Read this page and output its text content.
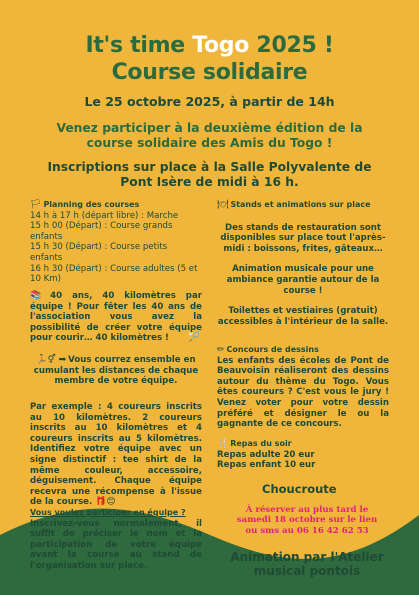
It's time Togo 2025 !
Course solidaire
Le 25 octobre 2025, à partir de 14h
Venez participer à la deuxième édition de la
course solidaire des Amis du Togo !
Inscriptions sur place à la Salle Polyvalente de
Pont Isère de midi à 16 h.
🏳 Planning des courses
14 h à 17 h (départ libre) : Marche
15 h 00 (Départ) : Course grands enfants
15 h 30 (Départ) : Course petits enfants
16 h 30 (Départ) : Course adultes (5 et 10 Km)
📚 40 ans, 40 kilomètres par équipe ! Pour fêter les 40 ans de l'association vous avez la possibilité de créer votre équipe pour courir… 40 kilomètres ! 🏸
🏃⚥ ➡ Vous courrez ensemble en cumulant les distances de chaque membre de votre équipe.
Par exemple : 4 coureurs inscrits au 10 kilomètres. 2 coureurs inscrits au 10 kilomètres et 4 coureurs inscrits au 5 kilomètres. Identifiez votre équipe avec un signe distinctif : tee shirt de la même couleur, accessoire, déguisement. Chaque équipe recevra une récompense à l'issue de la course. 🎁😊
Vous voulez participer en équipe ?
Inscrivez-vous normalement, il suffit de préciser le nom et la participation de votre équipe avant la course au stand de l'organisation sur place.
🍽 Stands et animations sur place
Des stands de restauration sont disponibles sur place tout l'après-midi : boissons, frites, gâteaux…
Animation musicale pour une ambiance garantie autour de la course !
Toilettes et vestiaires (gratuit) accessibles à l'intérieur de la salle.
✏ Concours de dessins
Les enfants des écoles de Pont de Beauvoisin réaliseront des dessins autour du thème du Togo. Vous êtes coureurs ? C'est vous le jury ! Venez voter pour votre dessin préféré et désigner le ou la gagnante de ce concours.
🍴 Repas du soir
Repas adulte 20 eur
Repas enfant 10 eur
Choucroute
À réserver au plus tard le
samedi 18 octobre sur le lien
ou sms au 06 16 42 62 53
Animation par l'Atelier
musical pontois
